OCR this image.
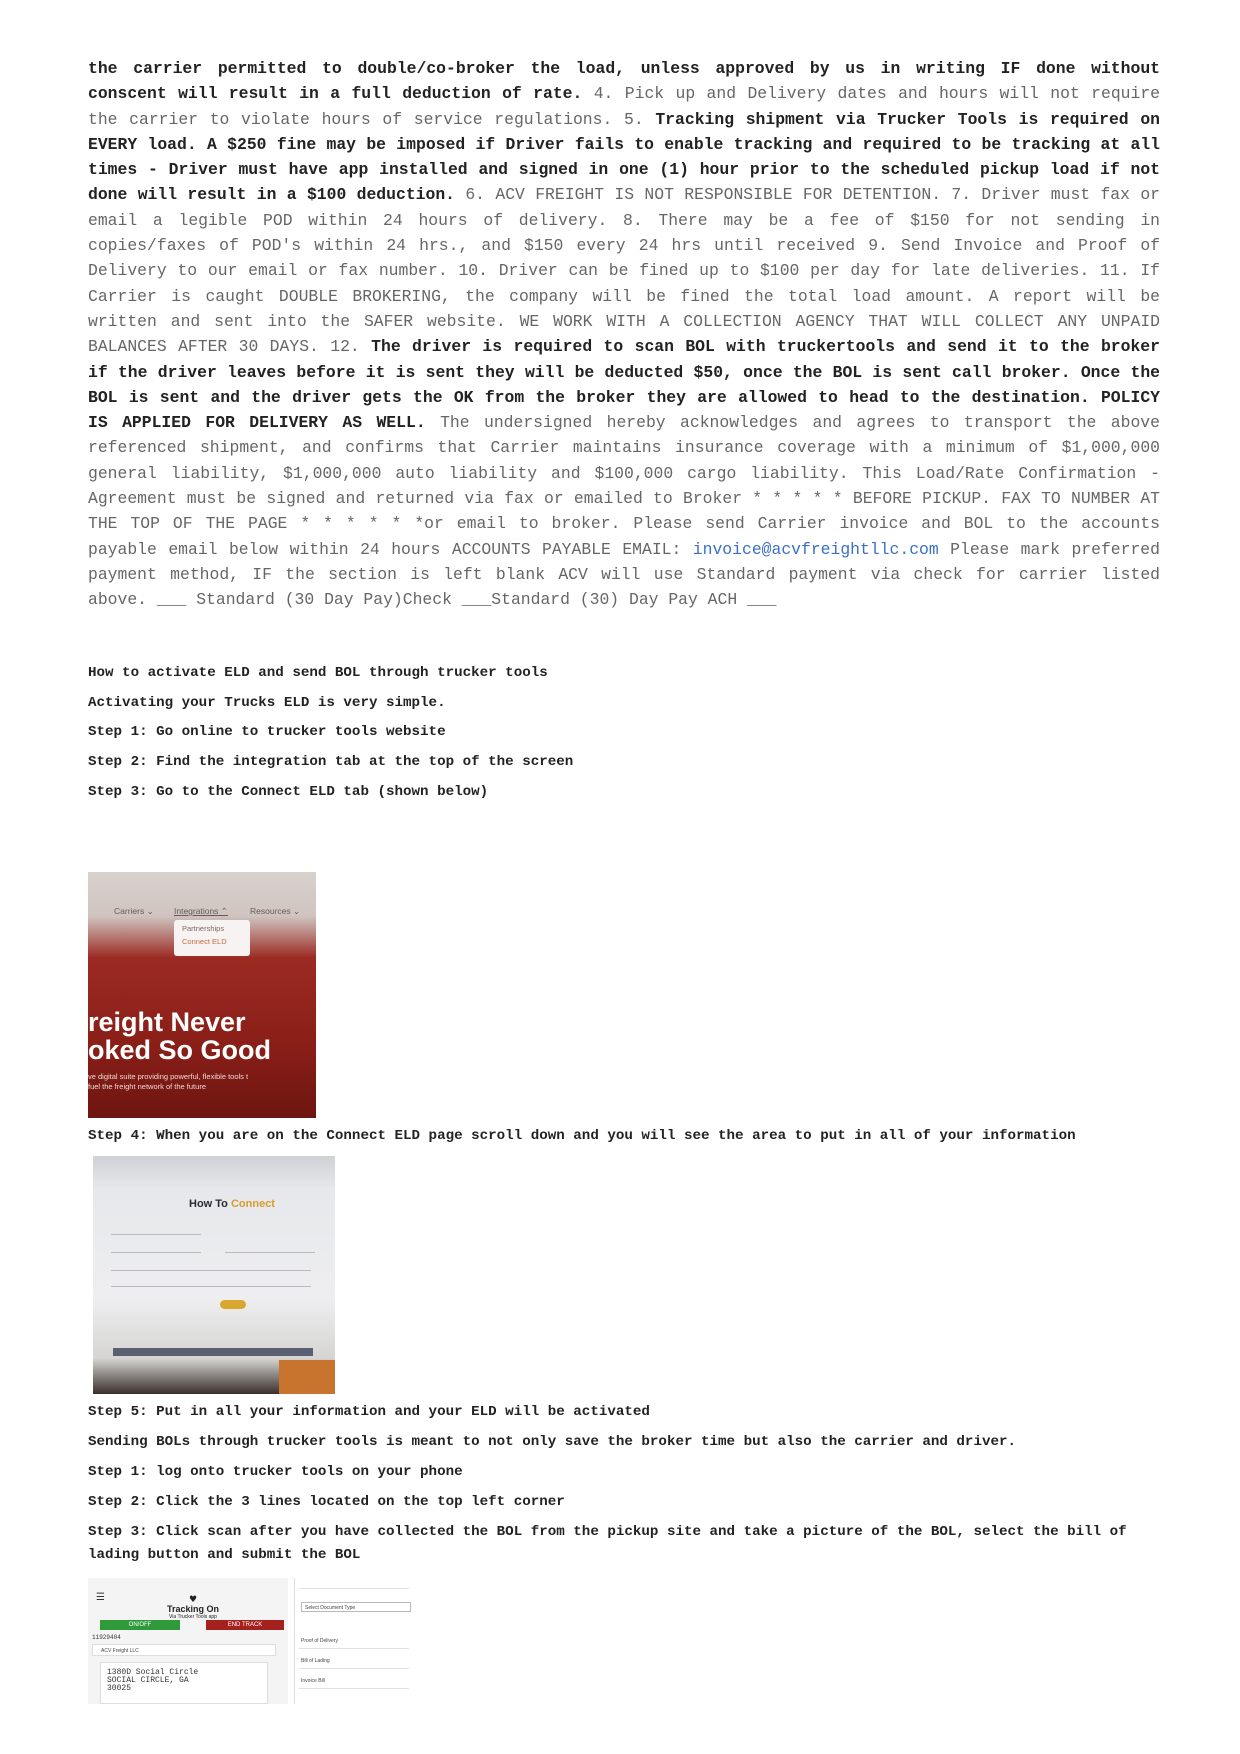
the carrier permitted to double/co-broker the load, unless approved by us in writing IF done without conscent will result in a full deduction of rate. 4. Pick up and Delivery dates and hours will not require the carrier to violate hours of service regulations. 5. Tracking shipment via Trucker Tools is required on EVERY load. A $250 fine may be imposed if Driver fails to enable tracking and required to be tracking at all times - Driver must have app installed and signed in one (1) hour prior to the scheduled pickup load if not done will result in a $100 deduction. 6. ACV FREIGHT IS NOT RESPONSIBLE FOR DETENTION. 7. Driver must fax or email a legible POD within 24 hours of delivery. 8. There may be a fee of $150 for not sending in copies/faxes of POD's within 24 hrs., and $150 every 24 hrs until received 9. Send Invoice and Proof of Delivery to our email or fax number. 10. Driver can be fined up to $100 per day for late deliveries. 11. If Carrier is caught DOUBLE BROKERING, the company will be fined the total load amount. A report will be written and sent into the SAFER website. WE WORK WITH A COLLECTION AGENCY THAT WILL COLLECT ANY UNPAID BALANCES AFTER 30 DAYS. 12. The driver is required to scan BOL with truckertools and send it to the broker if the driver leaves before it is sent they will be deducted $50, once the BOL is sent call broker. Once the BOL is sent and the driver gets the OK from the broker they are allowed to head to the destination. POLICY IS APPLIED FOR DELIVERY AS WELL. The undersigned hereby acknowledges and agrees to transport the above referenced shipment, and confirms that Carrier maintains insurance coverage with a minimum of $1,000,000 general liability, $1,000,000 auto liability and $100,000 cargo liability. This Load/Rate Confirmation - Agreement must be signed and returned via fax or emailed to Broker * * * * * BEFORE PICKUP. FAX TO NUMBER AT THE TOP OF THE PAGE * * * * * *or email to broker. Please send Carrier invoice and BOL to the accounts payable email below within 24 hours ACCOUNTS PAYABLE EMAIL: invoice@acvfreightllc.com Please mark preferred payment method, IF the section is left blank ACV will use Standard payment via check for carrier listed above. ___ Standard (30 Day Pay)Check ___Standard (30) Day Pay ACH ___

How to activate ELD and send BOL through trucker tools

Activating your Trucks ELD is very simple.

Step 1: Go online to trucker tools website

Step 2: Find the integration tab at the top of the screen

Step 3: Go to the Connect ELD tab (shown below)

Carriers ⌄ Integrations ⌃	Resources ⌄
Partnerships
Connect ELD
reight Never
oked So Good
ve digital suite providing powerful, flexible tools t
fuel the freight network of the future

Step 4: When you are on the Connect ELD page scroll down and you will see the area to put in all of your information

How To Connect

Step 5: Put in all your information and your ELD will be activated

Sending BOLs through trucker tools is meant to not only save the broker time but also the carrier and driver.

Step 1: log onto trucker tools on your phone

Step 2: Click the 3 lines located on the top left corner

Step 3: Click scan after you have collected the BOL from the pickup site and take a picture of the BOL, select the bill of lading button and submit the BOL

☰	♥
Tracking On
Via Trucker Tools app
ON/OFF	END TRACK
11929404
ACV Freight LLC
1380D Social Circle
SOCIAL CIRCLE, GA
30025
Select Document Type
Proof of Delivery
Bill of Lading
Invoice Bill
